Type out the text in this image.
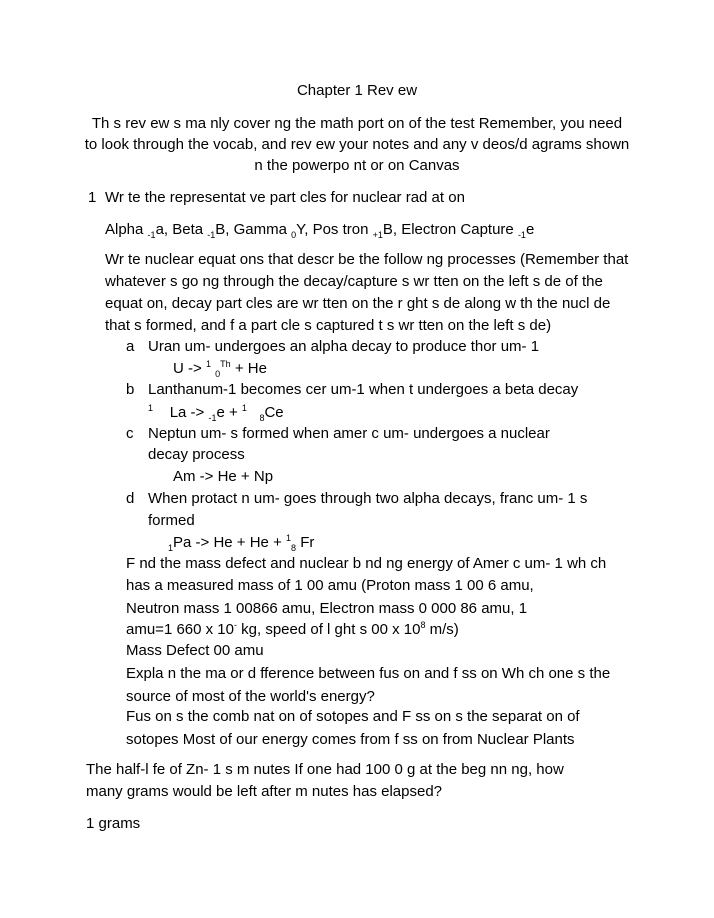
Chapter 1 Rev ew
Th s rev ew s ma nly cover ng the math port on of the test Remember, you need
to look through the vocab, and rev ew your notes and any v deos/d agrams shown
n the powerpo nt or on Canvas
1 Wr te the representat ve part cles for nuclear rad at on
Alpha $_{-1}$a, Beta $_{-1}$B, Gamma $_0$Y, Pos tron $_{+1}$B, Electron Capture $_{-1}$e
Wr te nuclear equat ons that descr be the follow ng processes (Remember that
whatever s go ng through the decay/capture s wr tten on the left s de of the
equat on, decay part cles are wr tten on the r ght s de along w th the nucl de
that s formed, and f a part cle s captured t s wr tten on the left s de)
a Uran um- undergoes an alpha decay to produce thor um- 1
U -> $^1$ $_0^{Th}$ + He
b Lanthanum-1 becomes cer um-1 when t undergoes a beta decay
$^1$ La -> $_{-1}$e + $^1$   $_8$Ce
c Neptun um- s formed when amer c um- undergoes a nuclear
decay process
Am -> He + Np
d When protact n um- goes through two alpha decays, franc um- 1 s
formed
$_1$Pa -> He + He + $^1_8$ Fr
F nd the mass defect and nuclear b nd ng energy of Amer c um- 1 wh ch
has a measured mass of 1 00 amu (Proton mass 1 00 6 amu,
Neutron mass 1 00866 amu, Electron mass 0 000 86 amu, 1
amu=1 660 x 10- kg, speed of l ght s 00 x $10^8$ m/s)
Mass Defect 00 amu
Expla n the ma or d fference between fus on and f ss on Wh ch one s the
source of most of the world's energy?
Fus on s the comb nat on of sotopes and F ss on s the separat on of
sotopes Most of our energy comes from f ss on from Nuclear Plants
The half-l fe of Zn- 1 s m nutes If one had 100 0 g at the beg nn ng, how
many grams would be left after m nutes has elapsed?
1 grams
